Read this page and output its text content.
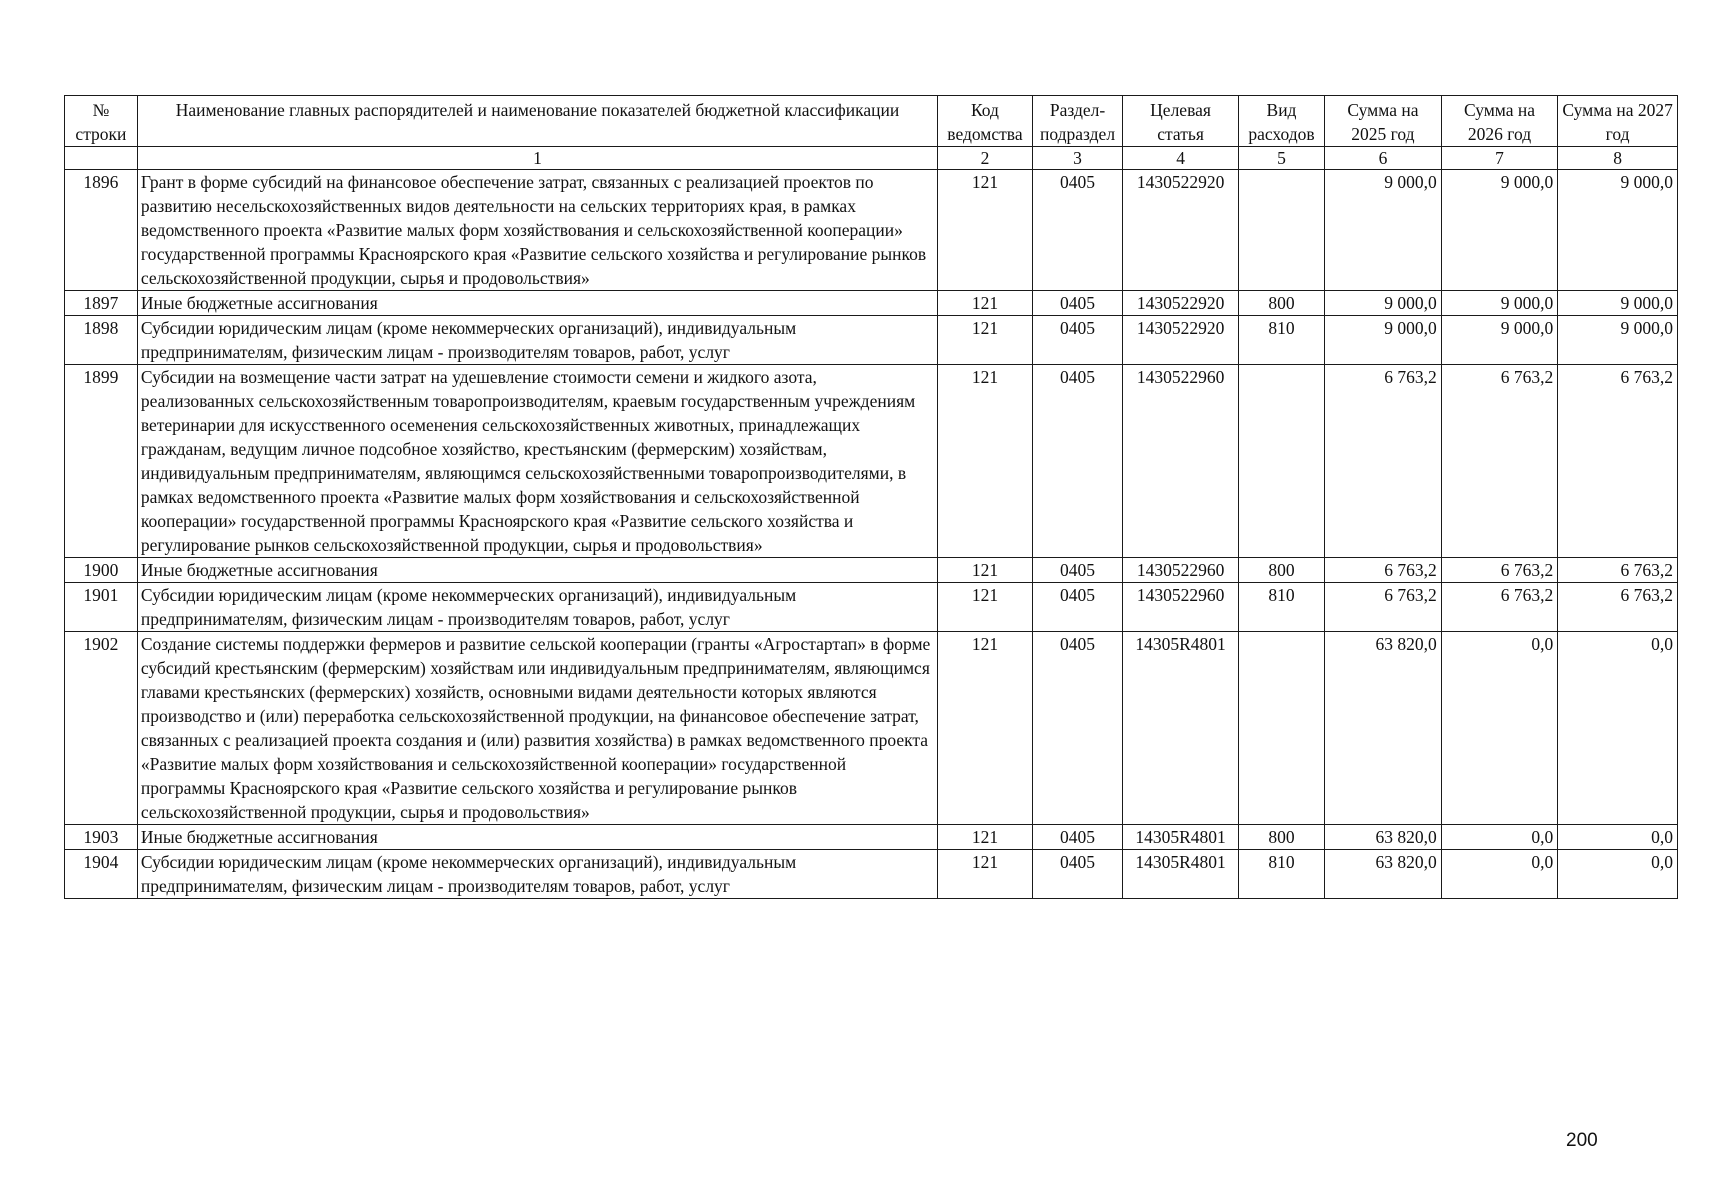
№ строки	Наименование главных распорядителей и наименование показателей бюджетной классификации	Код ведомства	Раздел-подраздел	Целевая статья	Вид расходов	Сумма на 2025 год	Сумма на 2026 год	Сумма на 2027 год
	1	2	3	4	5	6	7	8
1896	Грант в форме субсидий на финансовое обеспечение затрат, связанных с реализацией проектов по развитию несельскохозяйственных видов деятельности на сельских территориях края, в рамках ведомственного проекта «Развитие малых форм хозяйствования и сельскохозяйственной кооперации» государственной программы Красноярского края «Развитие сельского хозяйства и регулирование рынков сельскохозяйственной продукции, сырья и продовольствия»	121	0405	1430522920		9 000,0	9 000,0	9 000,0
1897	Иные бюджетные ассигнования	121	0405	1430522920	800	9 000,0	9 000,0	9 000,0
1898	Субсидии юридическим лицам (кроме некоммерческих организаций), индивидуальным предпринимателям, физическим лицам - производителям товаров, работ, услуг	121	0405	1430522920	810	9 000,0	9 000,0	9 000,0
1899	Субсидии на возмещение части затрат на удешевление стоимости семени и жидкого азота, реализованных сельскохозяйственным товаропроизводителям, краевым государственным учреждениям ветеринарии для искусственного осеменения сельскохозяйственных животных, принадлежащих гражданам, ведущим личное подсобное хозяйство, крестьянским (фермерским) хозяйствам, индивидуальным предпринимателям, являющимся сельскохозяйственными товаропроизводителями, в рамках ведомственного проекта «Развитие малых форм хозяйствования и сельскохозяйственной кооперации» государственной программы Красноярского края «Развитие сельского хозяйства и регулирование рынков сельскохозяйственной продукции, сырья и продовольствия»	121	0405	1430522960		6 763,2	6 763,2	6 763,2
1900	Иные бюджетные ассигнования	121	0405	1430522960	800	6 763,2	6 763,2	6 763,2
1901	Субсидии юридическим лицам (кроме некоммерческих организаций), индивидуальным предпринимателям, физическим лицам - производителям товаров, работ, услуг	121	0405	1430522960	810	6 763,2	6 763,2	6 763,2
1902	Создание системы поддержки фермеров и развитие сельской кооперации (гранты «Агростартап» в форме субсидий крестьянским (фермерским) хозяйствам или индивидуальным предпринимателям, являющимся главами крестьянских (фермерских) хозяйств, основными видами деятельности которых являются производство и (или) переработка сельскохозяйственной продукции, на финансовое обеспечение затрат, связанных с реализацией проекта создания и (или) развития хозяйства) в рамках ведомственного проекта «Развитие малых форм хозяйствования и сельскохозяйственной кооперации» государственной программы Красноярского края «Развитие сельского хозяйства и регулирование рынков сельскохозяйственной продукции, сырья и продовольствия»	121	0405	14305R4801		63 820,0	0,0	0,0
1903	Иные бюджетные ассигнования	121	0405	14305R4801	800	63 820,0	0,0	0,0
1904	Субсидии юридическим лицам (кроме некоммерческих организаций), индивидуальным предпринимателям, физическим лицам - производителям товаров, работ, услуг	121	0405	14305R4801	810	63 820,0	0,0	0,0
200
